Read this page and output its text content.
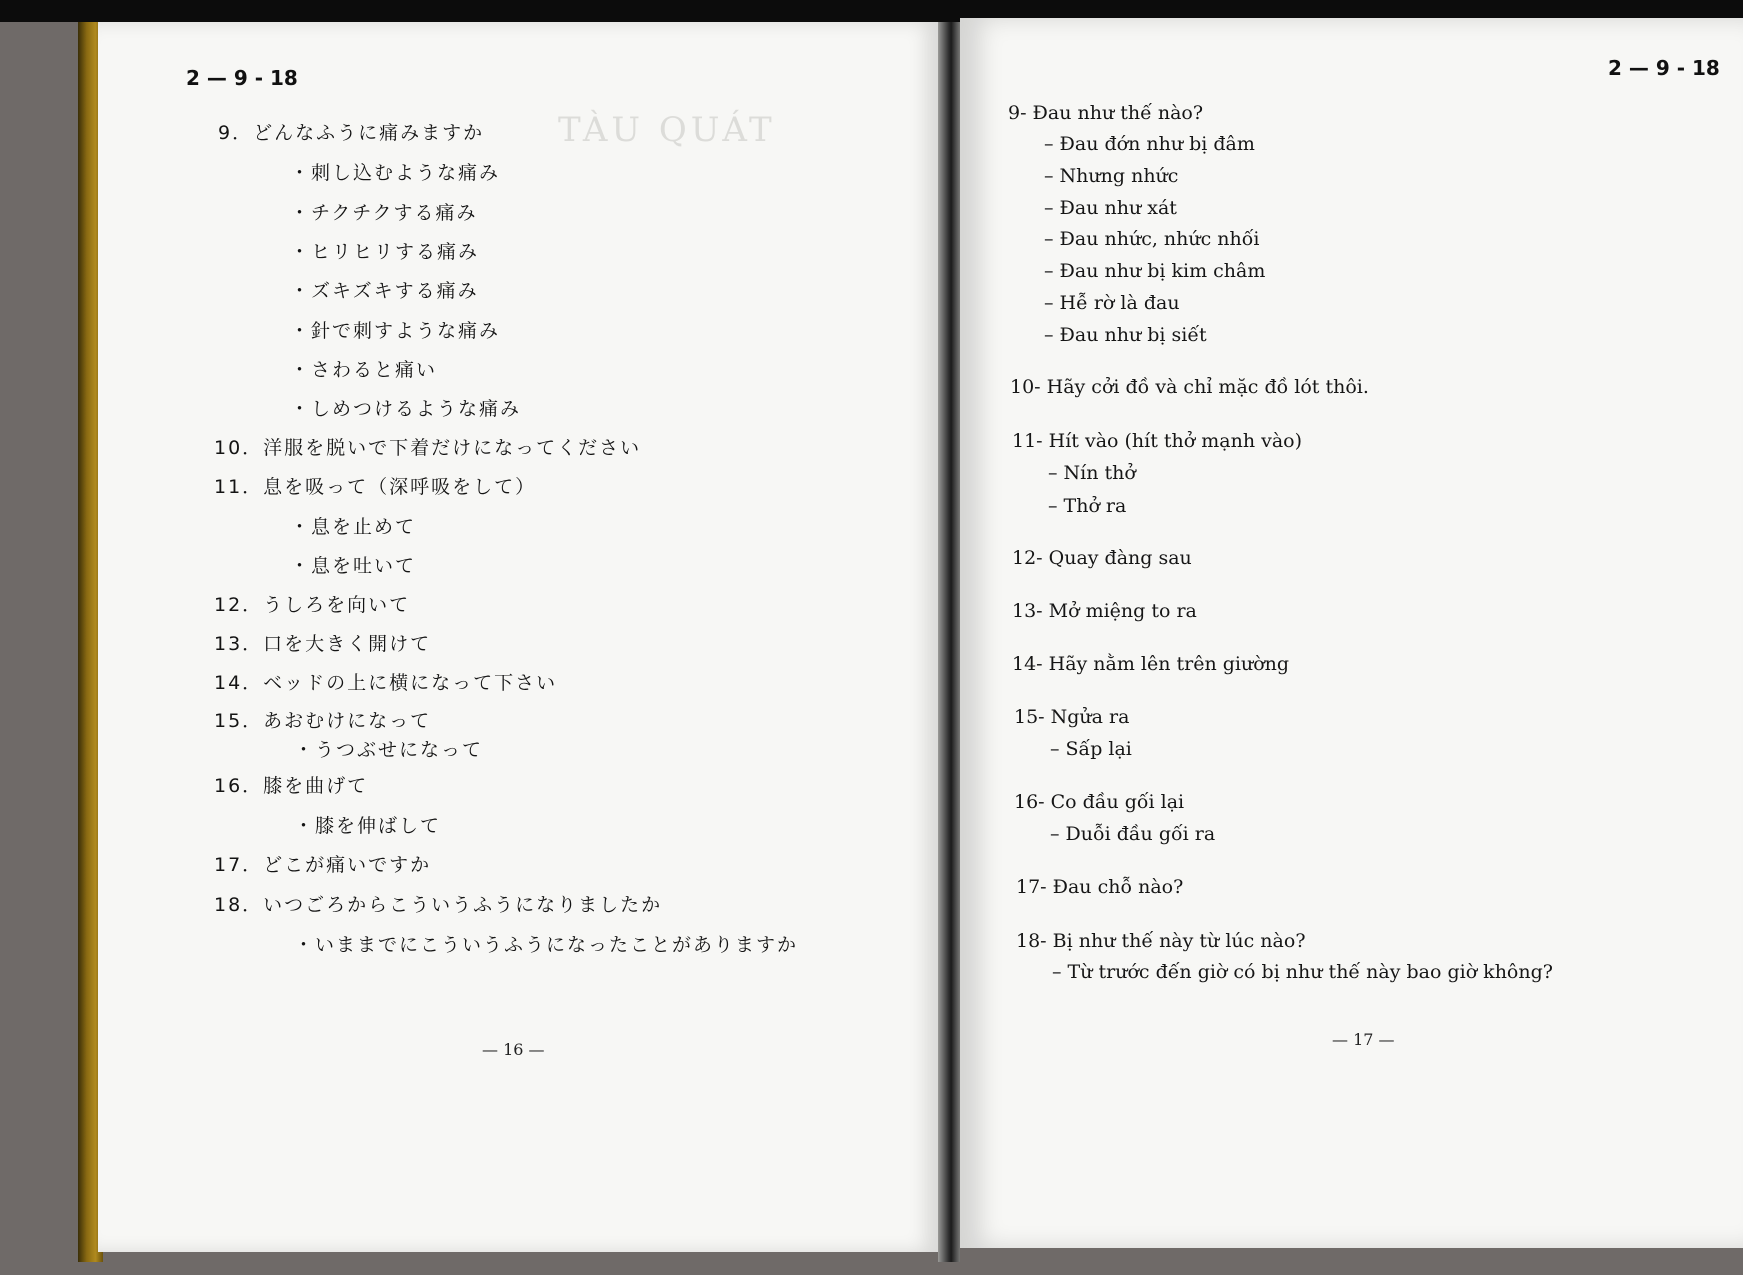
TÀU QUÁT
2 — 9 - 18
9．どんなふうに痛みますか
・刺し込むような痛み
・チクチクする痛み
・ヒリヒリする痛み
・ズキズキする痛み
・針で刺すような痛み
・さわると痛い
・しめつけるような痛み
10．洋服を脱いで下着だけになってください
11．息を吸って（深呼吸をして）
・息を止めて
・息を吐いて
12．うしろを向いて
13．口を大きく開けて
14．ベッドの上に横になって下さい
15．あおむけになって
・うつぶせになって
16．膝を曲げて
・膝を伸ばして
17．どこが痛いですか
18．いつごろからこういうふうになりましたか
・いままでにこういうふうになったことがありますか
— 16 —
2 — 9 - 18
9- Đau như thế nào?
– Đau đớn như bị đâm
– Nhưng nhức
– Đau như xát
– Đau nhức, nhức nhối
– Đau như bị kim châm
– Hễ rờ là đau
– Đau như bị siết
10- Hãy cởi đồ và chỉ mặc đồ lót thôi.
11- Hít vào (hít thở mạnh vào)
– Nín thở
– Thở ra
12- Quay đàng sau
13- Mở miệng to ra
14- Hãy nằm lên trên giường
15- Ngửa ra
– Sấp lại
16- Co đầu gối lại
– Duỗi đầu gối ra
17- Đau chỗ nào?
18- Bị như thế này từ lúc nào?
– Từ trước đến giờ có bị như thế này bao giờ không?
— 17 —
